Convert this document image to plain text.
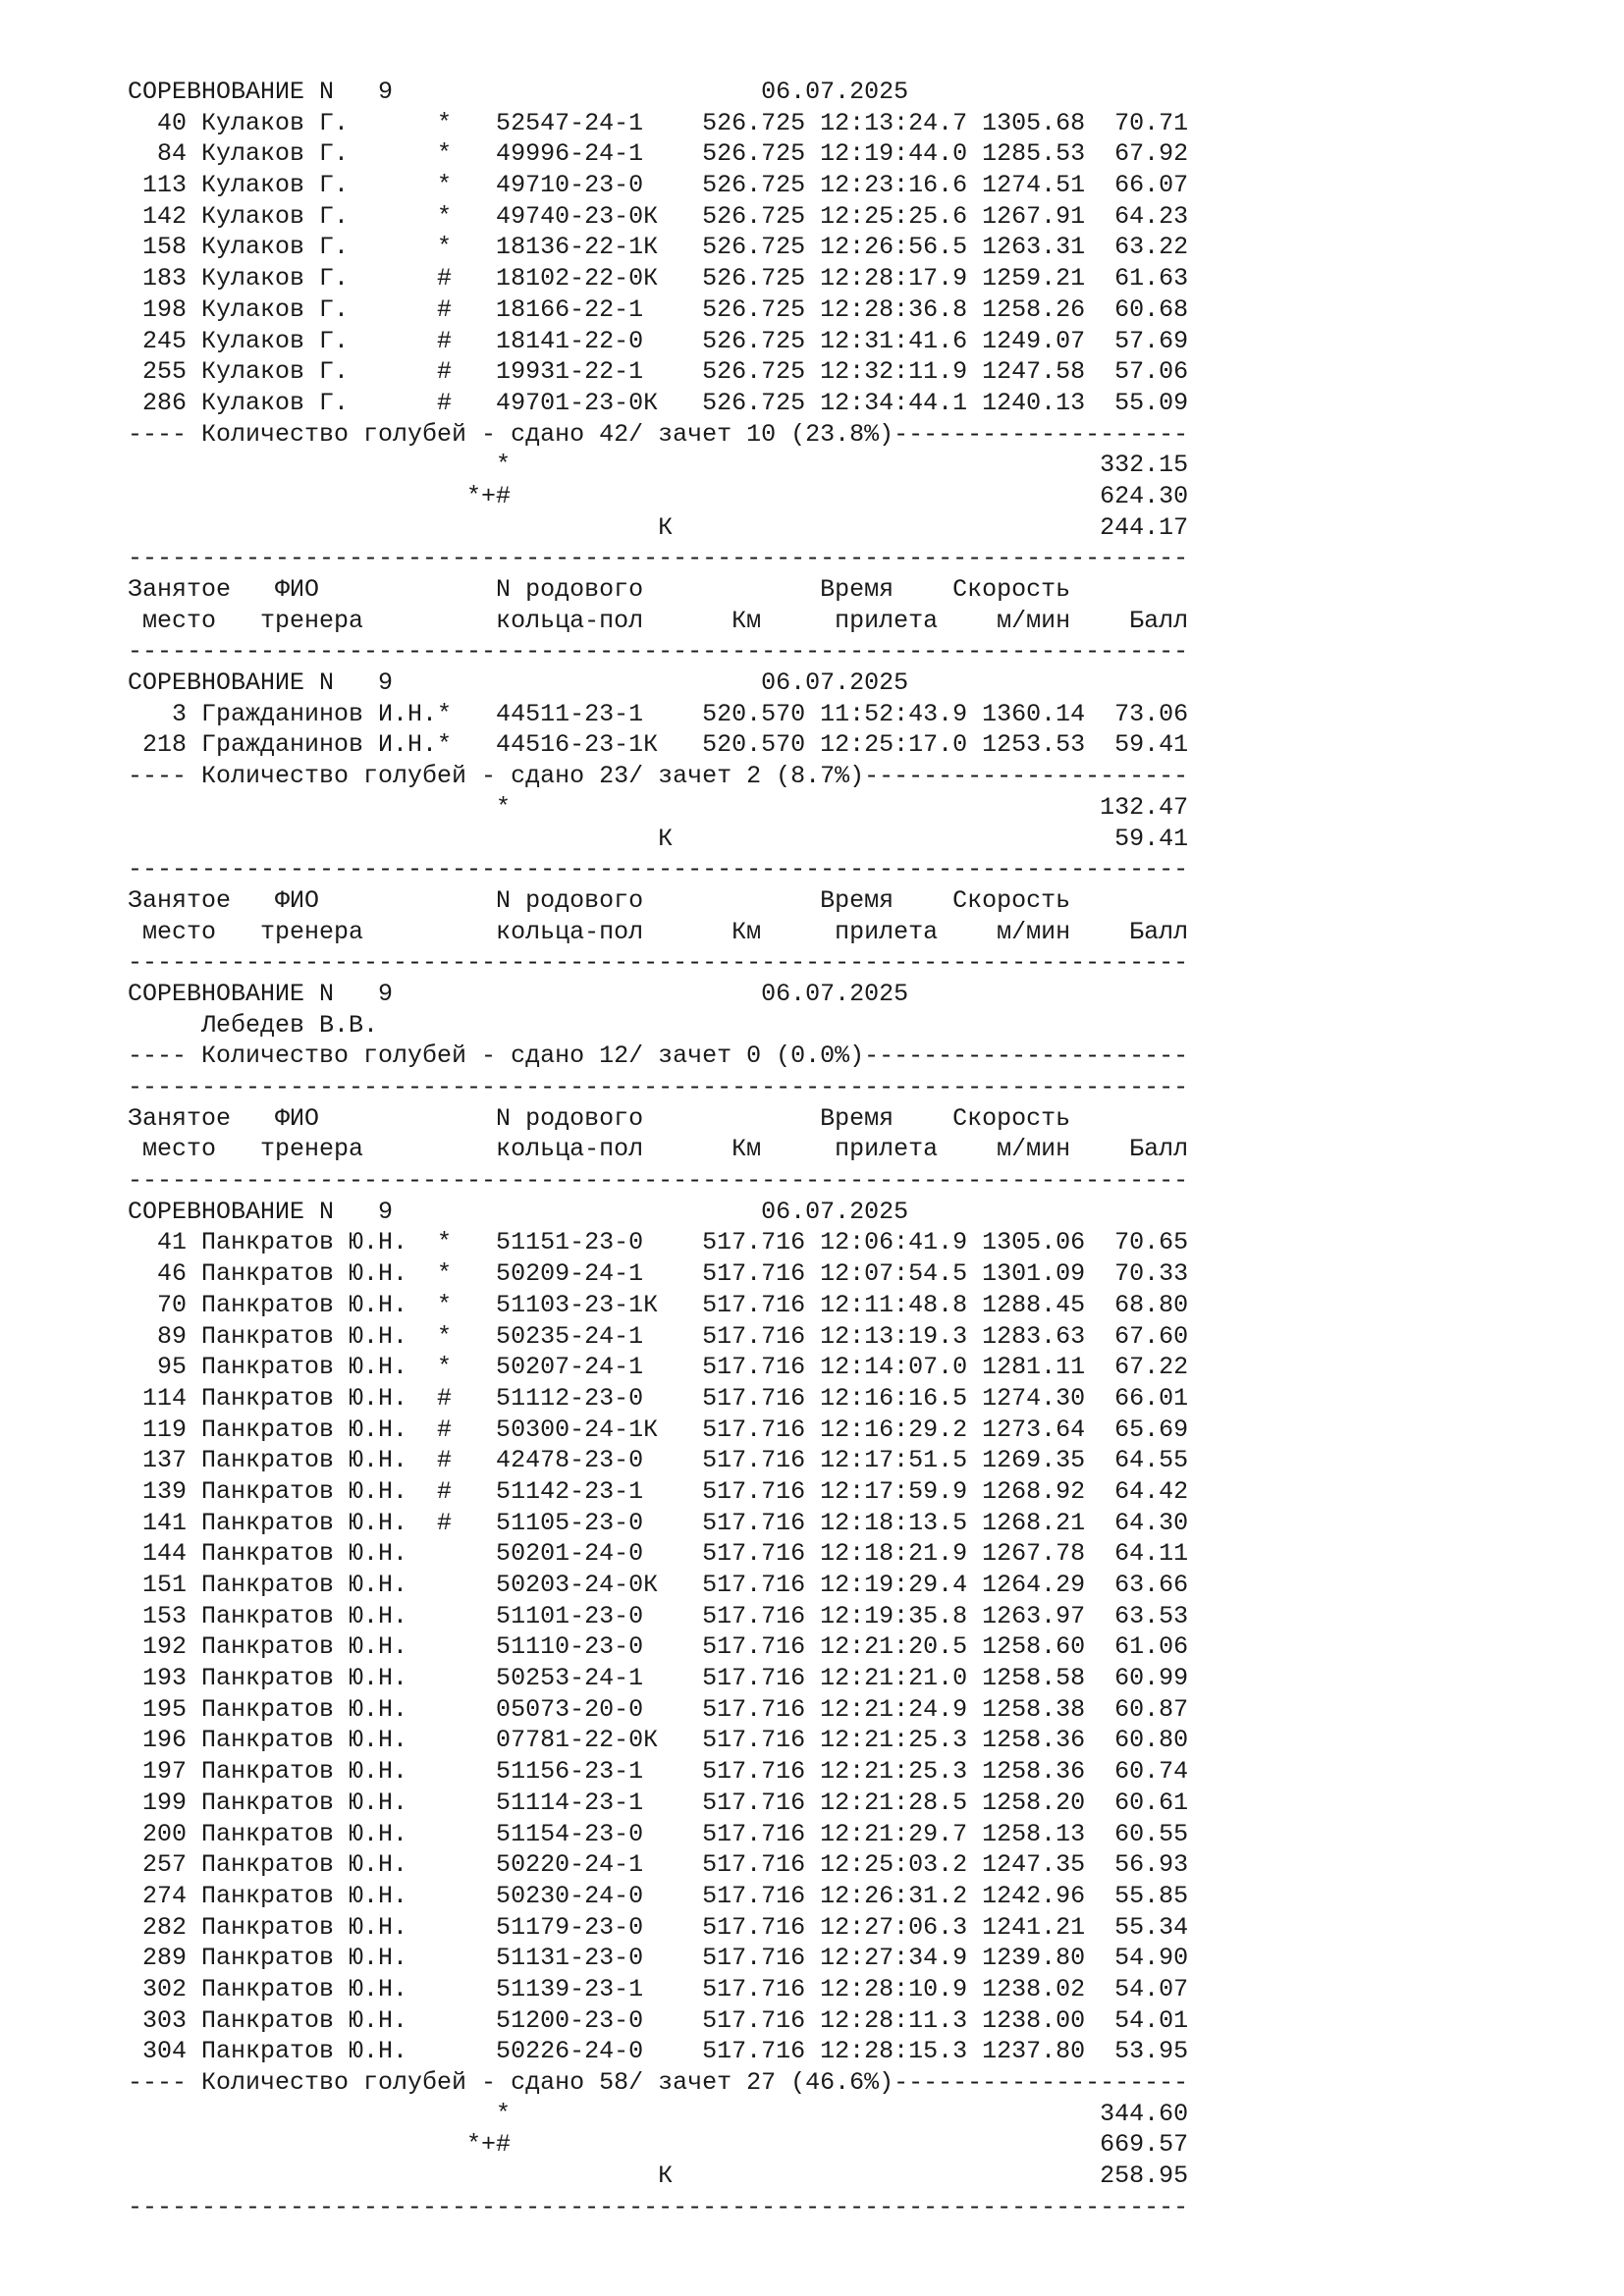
СОРЕВНОВАНИЕ N   9                         06.07.2025
40 Кулаков Г.      *   52547-24-1    526.725 12:13:24.7 1305.68  70.71
84 Кулаков Г.      *   49996-24-1    526.725 12:19:44.0 1285.53  67.92
113 Кулаков Г.      *   49710-23-0    526.725 12:23:16.6 1274.51  66.07
142 Кулаков Г.      *   49740-23-0К   526.725 12:25:25.6 1267.91  64.23
158 Кулаков Г.      *   18136-22-1К   526.725 12:26:56.5 1263.31  63.22
183 Кулаков Г.      #   18102-22-0К   526.725 12:28:17.9 1259.21  61.63
198 Кулаков Г.      #   18166-22-1    526.725 12:28:36.8 1258.26  60.68
245 Кулаков Г.      #   18141-22-0    526.725 12:31:41.6 1249.07  57.69
255 Кулаков Г.      #   19931-22-1    526.725 12:32:11.9 1247.58  57.06
286 Кулаков Г.      #   49701-23-0К   526.725 12:34:44.1 1240.13  55.09
---- Количество голубей - сдано 42/ зачет 10 (23.8%)--------------------
*                                        332.15
*+#                                        624.30
К                             244.17
------------------------------------------------------------------------
Занятое   ФИО            N родового            Время    Скорость
место   тренера         кольца-пол      Км     прилета    м/мин    Балл
------------------------------------------------------------------------
СОРЕВНОВАНИЕ N   9                         06.07.2025
3 Гражданинов И.Н.*   44511-23-1    520.570 11:52:43.9 1360.14  73.06
218 Гражданинов И.Н.*   44516-23-1К   520.570 12:25:17.0 1253.53  59.41
---- Количество голубей - сдано 23/ зачет 2 (8.7%)----------------------
*                                        132.47
К                              59.41
------------------------------------------------------------------------
Занятое   ФИО            N родового            Время    Скорость
место   тренера         кольца-пол      Км     прилета    м/мин    Балл
------------------------------------------------------------------------
СОРЕВНОВАНИЕ N   9                         06.07.2025
Лебедев В.В.
---- Количество голубей - сдано 12/ зачет 0 (0.0%)----------------------
------------------------------------------------------------------------
Занятое   ФИО            N родового            Время    Скорость
место   тренера         кольца-пол      Км     прилета    м/мин    Балл
------------------------------------------------------------------------
СОРЕВНОВАНИЕ N   9                         06.07.2025
41 Панкратов Ю.Н.  *   51151-23-0    517.716 12:06:41.9 1305.06  70.65
46 Панкратов Ю.Н.  *   50209-24-1    517.716 12:07:54.5 1301.09  70.33
70 Панкратов Ю.Н.  *   51103-23-1К   517.716 12:11:48.8 1288.45  68.80
89 Панкратов Ю.Н.  *   50235-24-1    517.716 12:13:19.3 1283.63  67.60
95 Панкратов Ю.Н.  *   50207-24-1    517.716 12:14:07.0 1281.11  67.22
114 Панкратов Ю.Н.  #   51112-23-0    517.716 12:16:16.5 1274.30  66.01
119 Панкратов Ю.Н.  #   50300-24-1К   517.716 12:16:29.2 1273.64  65.69
137 Панкратов Ю.Н.  #   42478-23-0    517.716 12:17:51.5 1269.35  64.55
139 Панкратов Ю.Н.  #   51142-23-1    517.716 12:17:59.9 1268.92  64.42
141 Панкратов Ю.Н.  #   51105-23-0    517.716 12:18:13.5 1268.21  64.30
144 Панкратов Ю.Н.      50201-24-0    517.716 12:18:21.9 1267.78  64.11
151 Панкратов Ю.Н.      50203-24-0К   517.716 12:19:29.4 1264.29  63.66
153 Панкратов Ю.Н.      51101-23-0    517.716 12:19:35.8 1263.97  63.53
192 Панкратов Ю.Н.      51110-23-0    517.716 12:21:20.5 1258.60  61.06
193 Панкратов Ю.Н.      50253-24-1    517.716 12:21:21.0 1258.58  60.99
195 Панкратов Ю.Н.      05073-20-0    517.716 12:21:24.9 1258.38  60.87
196 Панкратов Ю.Н.      07781-22-0К   517.716 12:21:25.3 1258.36  60.80
197 Панкратов Ю.Н.      51156-23-1    517.716 12:21:25.3 1258.36  60.74
199 Панкратов Ю.Н.      51114-23-1    517.716 12:21:28.5 1258.20  60.61
200 Панкратов Ю.Н.      51154-23-0    517.716 12:21:29.7 1258.13  60.55
257 Панкратов Ю.Н.      50220-24-1    517.716 12:25:03.2 1247.35  56.93
274 Панкратов Ю.Н.      50230-24-0    517.716 12:26:31.2 1242.96  55.85
282 Панкратов Ю.Н.      51179-23-0    517.716 12:27:06.3 1241.21  55.34
289 Панкратов Ю.Н.      51131-23-0    517.716 12:27:34.9 1239.80  54.90
302 Панкратов Ю.Н.      51139-23-1    517.716 12:28:10.9 1238.02  54.07
303 Панкратов Ю.Н.      51200-23-0    517.716 12:28:11.3 1238.00  54.01
304 Панкратов Ю.Н.      50226-24-0    517.716 12:28:15.3 1237.80  53.95
---- Количество голубей - сдано 58/ зачет 27 (46.6%)--------------------
*                                        344.60
*+#                                        669.57
К                             258.95
------------------------------------------------------------------------
